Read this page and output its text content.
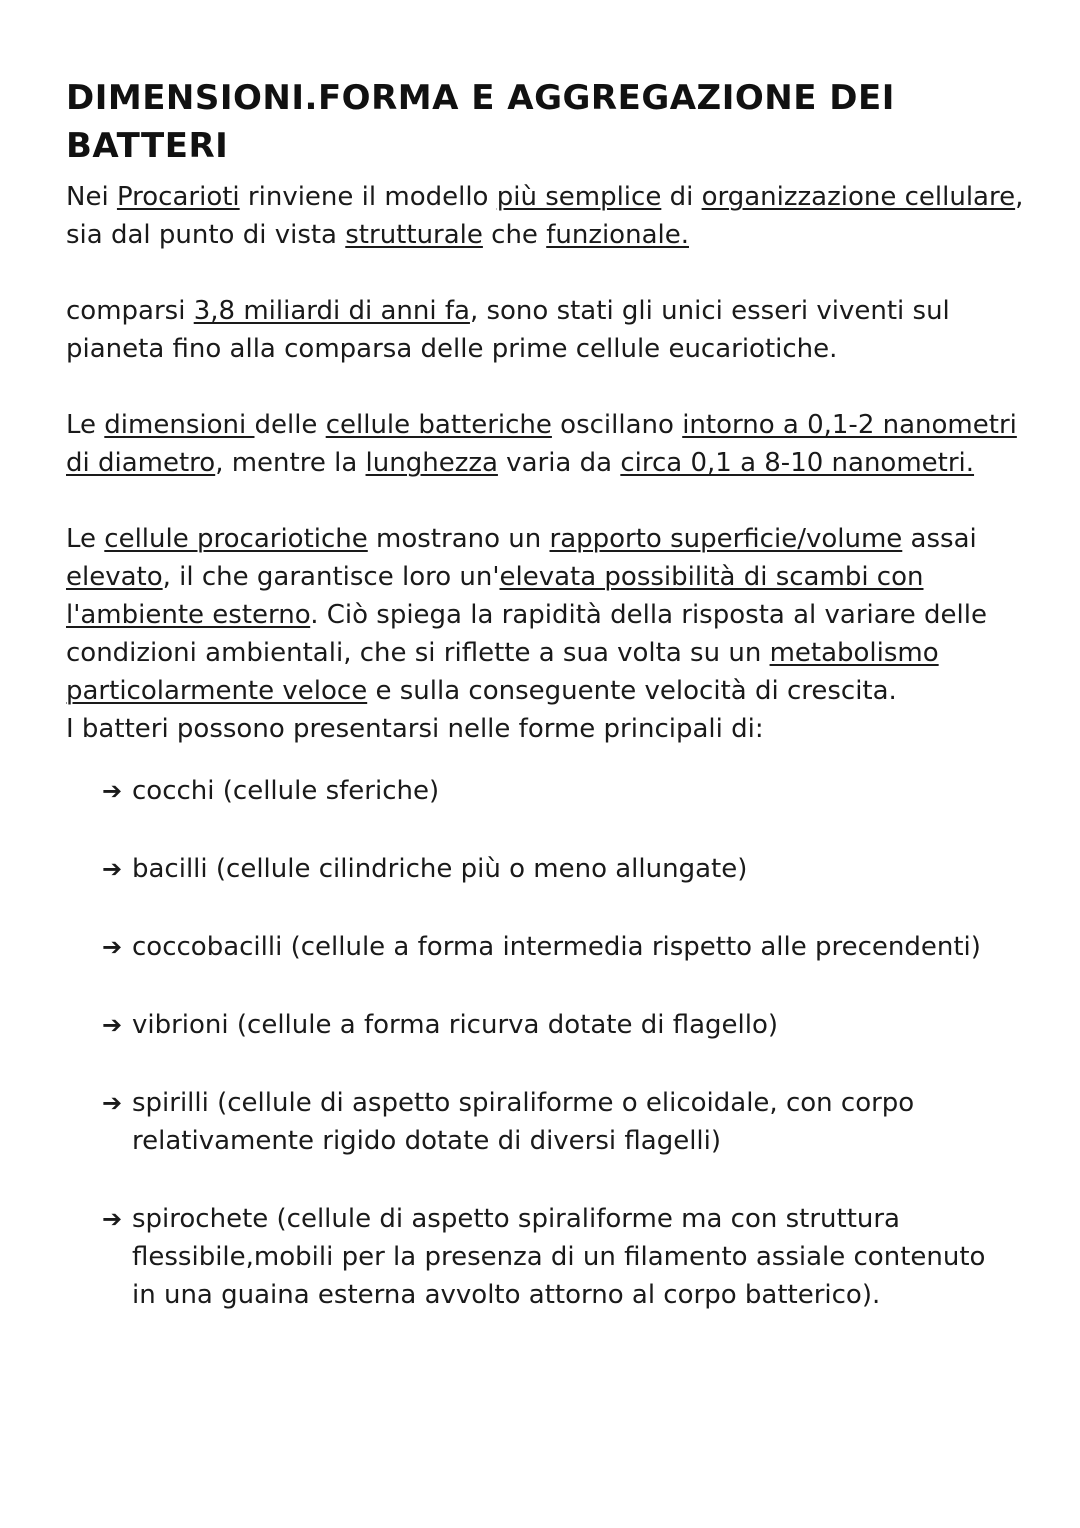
DIMENSIONI.FORMA E AGGREGAZIONE DEI BATTERI

Nei Procarioti rinviene il modello più semplice di organizzazione cellulare, sia dal punto di vista strutturale che funzionale.

comparsi 3,8 miliardi di anni fa, sono stati gli unici esseri viventi sul pianeta fino alla comparsa delle prime cellule eucariotiche.

Le dimensioni delle cellule batteriche oscillano intorno a 0,1-2 nanometri di diametro, mentre la lunghezza varia da circa 0,1 a 8-10 nanometri.

Le cellule procariotiche mostrano un rapporto superficie/volume assai elevato, il che garantisce loro un'elevata possibilità di scambi con l'ambiente esterno. Ciò spiega la rapidità della risposta al variare delle condizioni ambientali, che si riflette a sua volta su un metabolismo particolarmente veloce e sulla conseguente velocità di crescita.

I batteri possono presentarsi nelle forme principali di:

➔ cocchi (cellule sferiche)
➔ bacilli (cellule cilindriche più o meno allungate)
➔ coccobacilli (cellule a forma intermedia rispetto alle precendenti)
➔ vibrioni (cellule a forma ricurva dotate di flagello)
➔ spirilli (cellule di aspetto spiraliforme o elicoidale, con corpo relativamente rigido dotate di diversi flagelli)
➔ spirochete (cellule di aspetto spiraliforme ma con struttura flessibile,mobili per la presenza di un filamento assiale contenuto in una guaina esterna avvolto attorno al corpo batterico).
